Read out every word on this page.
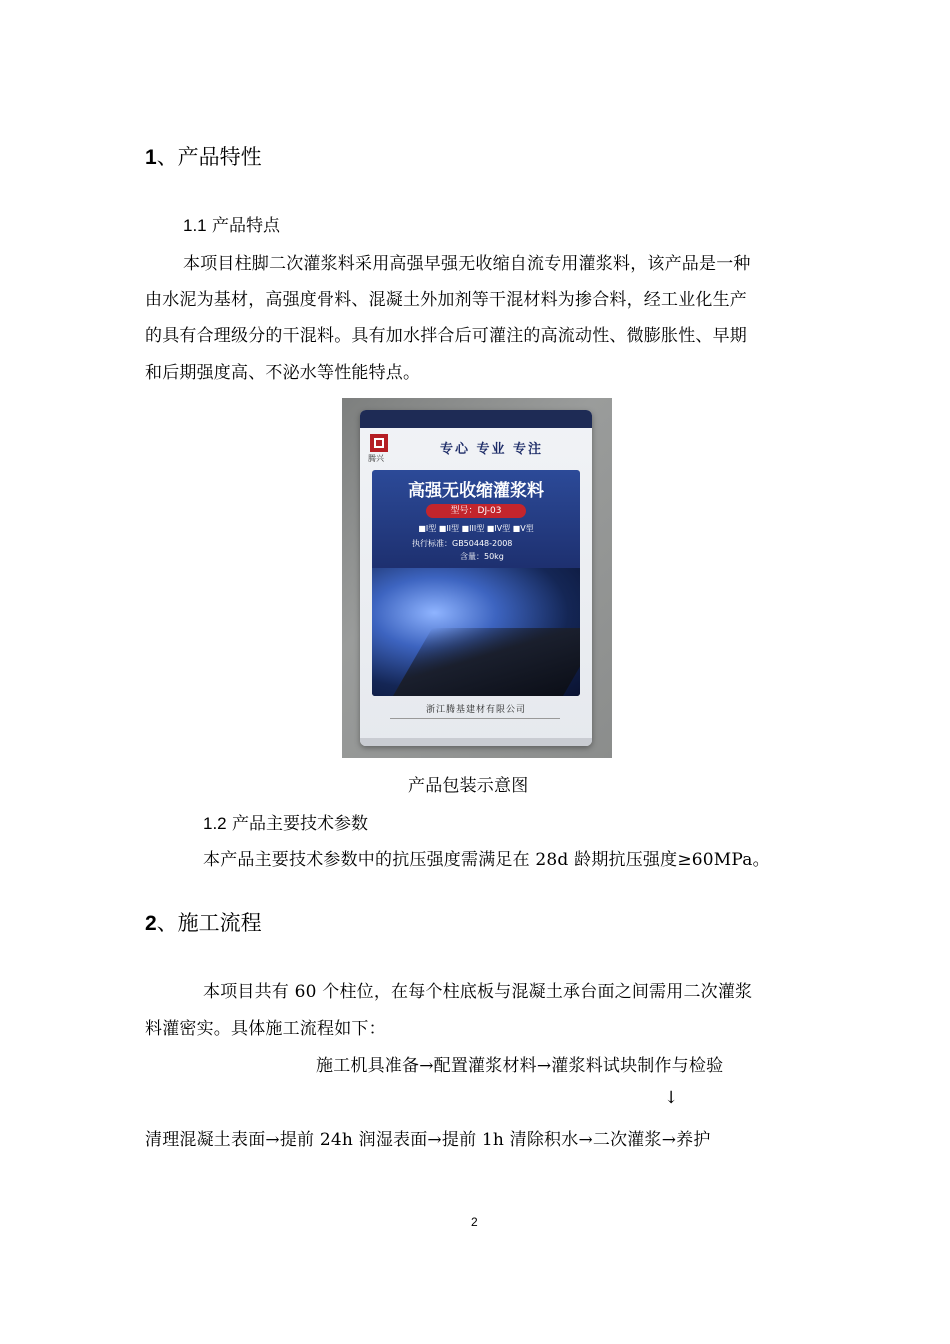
1、产品特性
1.1 产品特点
本项目柱脚二次灌浆料采用高强早强无收缩自流专用灌浆料，该产品是一种
由水泥为基材，高强度骨料、混凝土外加剂等干混材料为掺合料，经工业化生产
的具有合理级分的干混料。具有加水拌合后可灌注的高流动性、微膨胀性、早期
和后期强度高、不泌水等性能特点。
腾兴
专心 专业 专注
高强无收缩灌浆料
型号：DJ-03
■I型 ■II型 ■III型 ■IV型 ■V型
执行标准：GB50448-2008
含量：50kg
浙江腾基建材有限公司
产品包装示意图
1.2 产品主要技术参数
本产品主要技术参数中的抗压强度需满足在 28d 龄期抗压强度≥60MPa。
2、施工流程
本项目共有 60 个柱位，在每个柱底板与混凝土承台面之间需用二次灌浆
料灌密实。具体施工流程如下：
施工机具准备→配置灌浆材料→灌浆料试块制作与检验
↓
清理混凝土表面→提前 24h 润湿表面→提前 1h 清除积水→二次灌浆→养护
2
